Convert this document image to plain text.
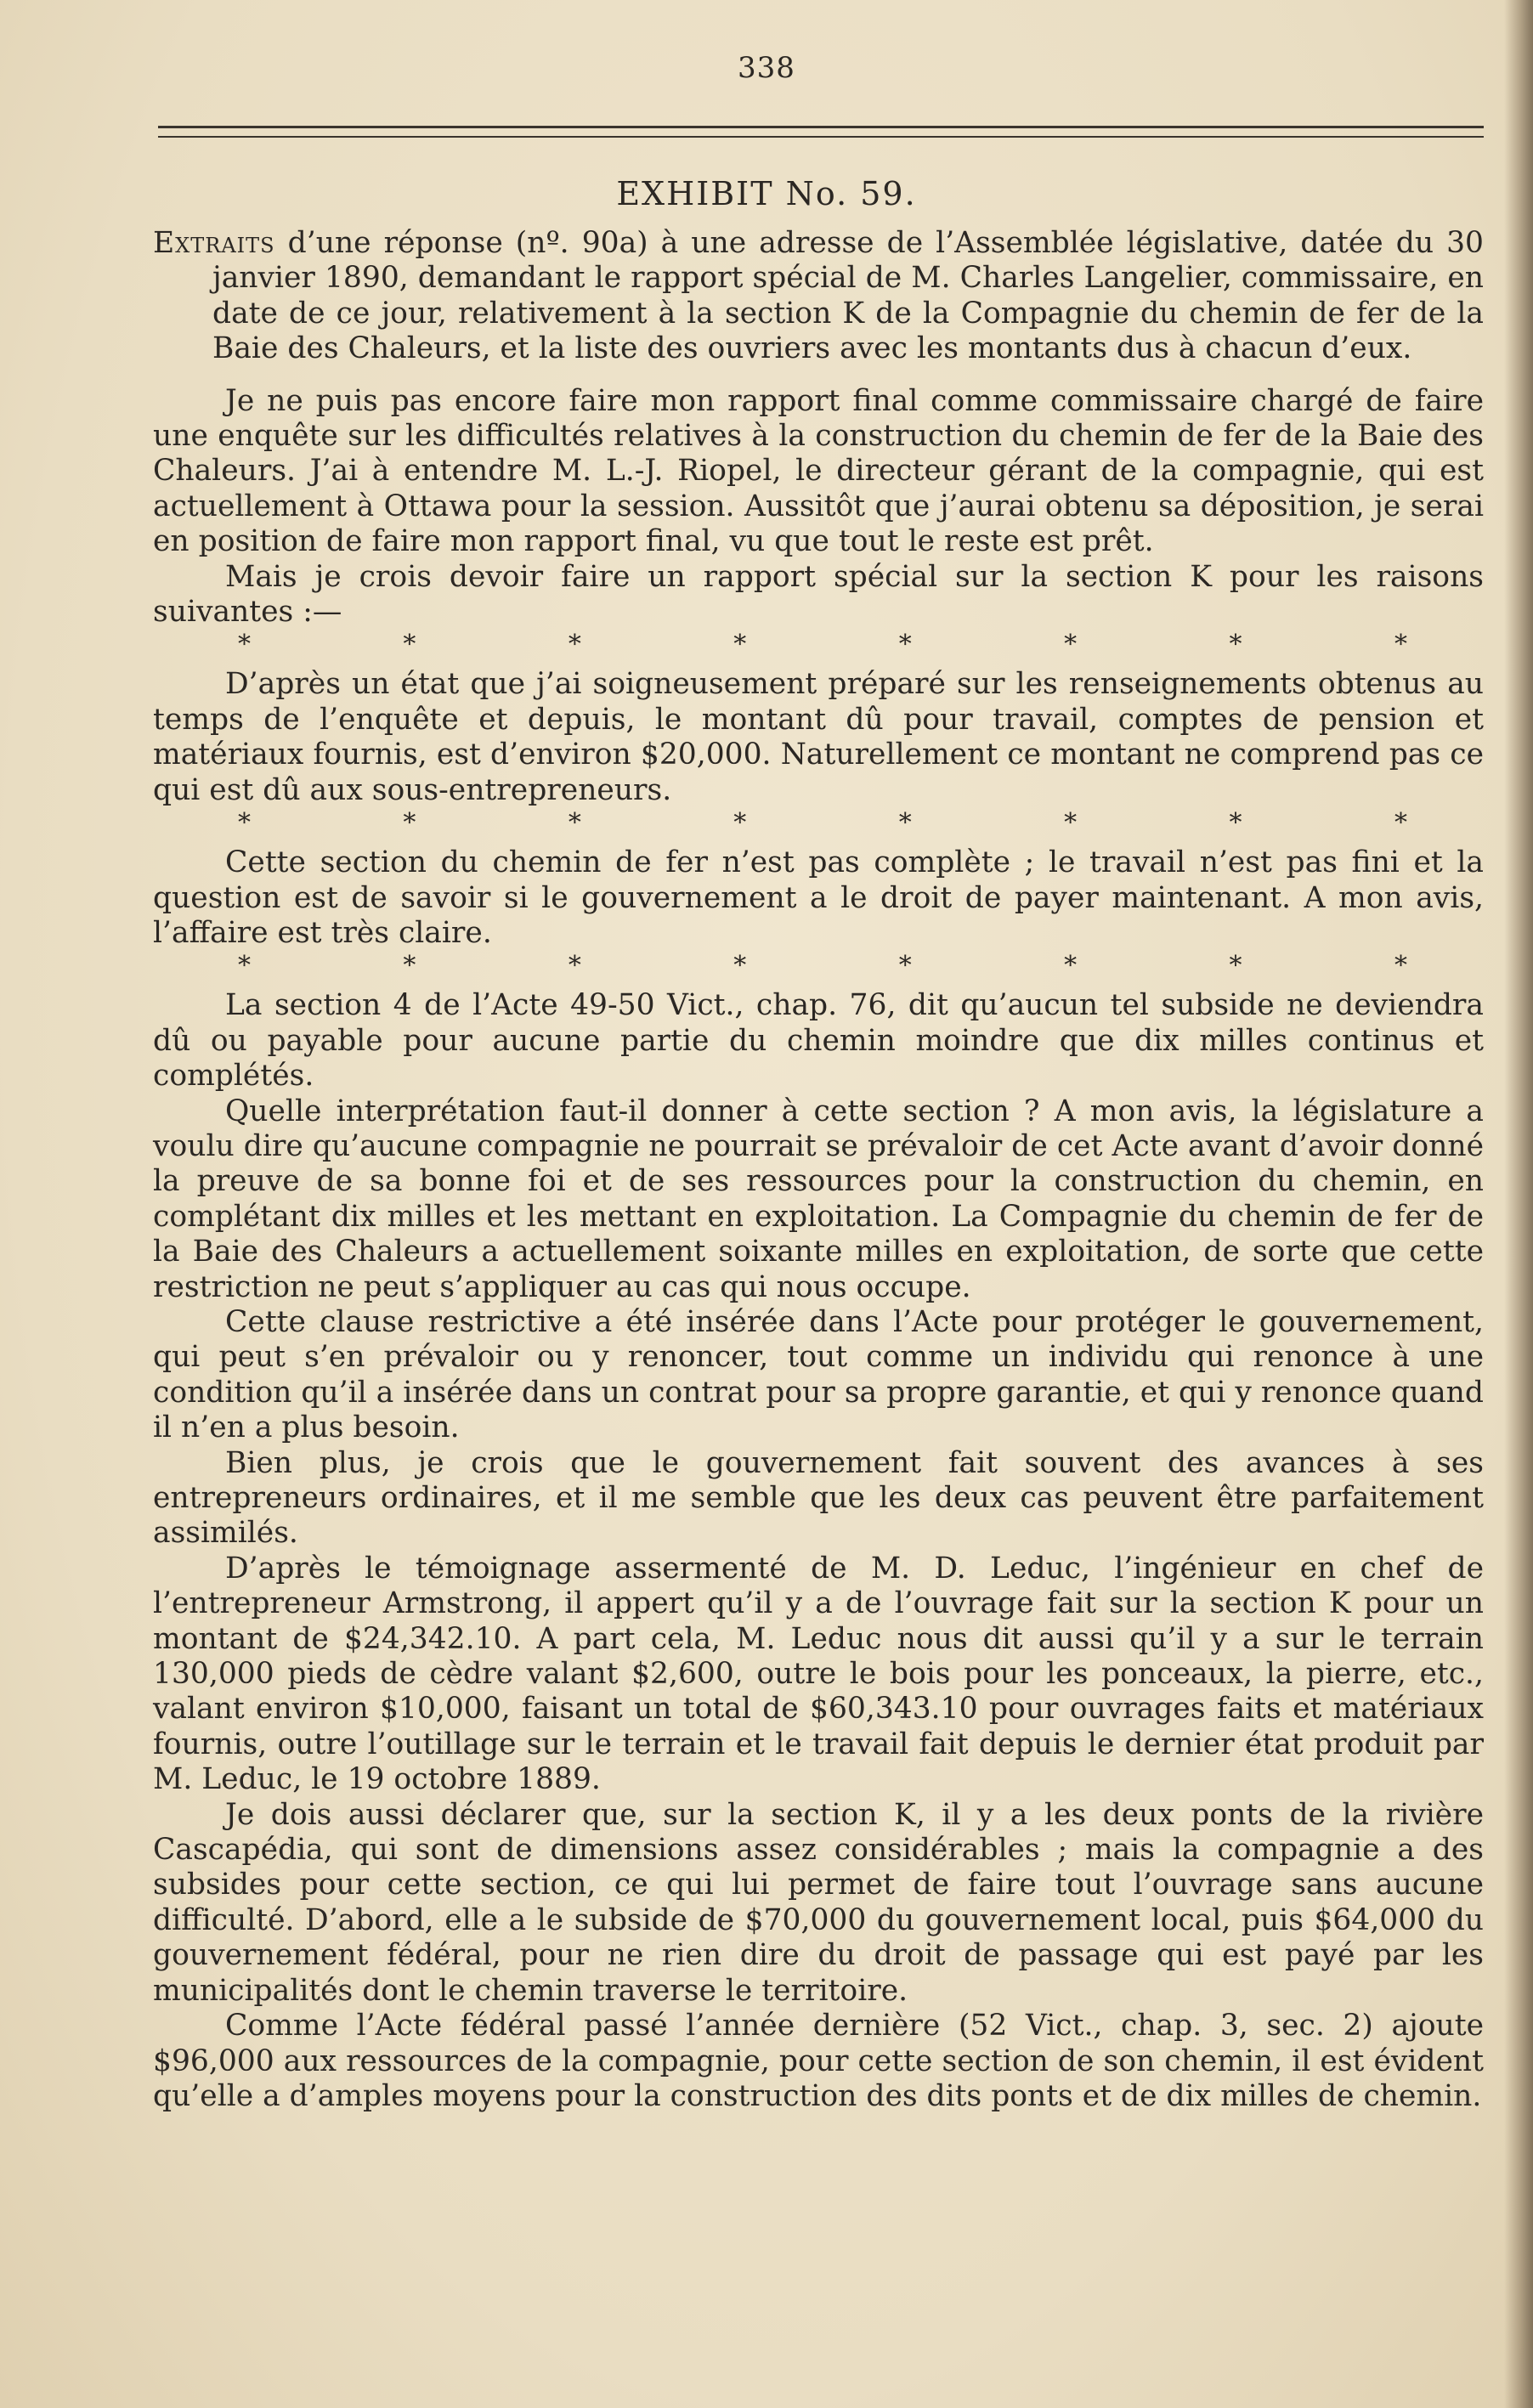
338
EXHIBIT No. 59.

Extraits d’une réponse (nº. 90a) à une adresse de l’Assemblée législative, datée du 30 janvier 1890, demandant le rapport spécial de M. Charles Langelier, commissaire, en date de ce jour, relativement à la section K de la Compagnie du chemin de fer de la Baie des Chaleurs, et la liste des ouvriers avec les montants dus à chacun d’eux.

Je ne puis pas encore faire mon rapport final comme commissaire chargé de faire une enquête sur les difficultés relatives à la construction du chemin de fer de la Baie des Chaleurs. J’ai à entendre M. L.-J. Riopel, le directeur gérant de la compagnie, qui est actuellement à Ottawa pour la session. Aussitôt que j’aurai obtenu sa déposition, je serai en position de faire mon rapport final, vu que tout le reste est prêt.

Mais je crois devoir faire un rapport spécial sur la section K pour les raisons suivantes :—

*	*	*	*	*	*	*	*

D’après un état que j’ai soigneusement préparé sur les renseignements obtenus au temps de l’enquête et depuis, le montant dû pour travail, comptes de pension et matériaux fournis, est d’environ $20,000. Naturellement ce montant ne comprend pas ce qui est dû aux sous-entrepreneurs.

*	*	*	*	*	*	*	*

Cette section du chemin de fer n’est pas complète ; le travail n’est pas fini et la question est de savoir si le gouvernement a le droit de payer maintenant. A mon avis, l’affaire est très claire.

*	*	*	*	*	*	*	*

La section 4 de l’Acte 49-50 Vict., chap. 76, dit qu’aucun tel subside ne deviendra dû ou payable pour aucune partie du chemin moindre que dix milles continus et complétés.

Quelle interprétation faut-il donner à cette section ? A mon avis, la législature a voulu dire qu’aucune compagnie ne pourrait se prévaloir de cet Acte avant d’avoir donné la preuve de sa bonne foi et de ses ressources pour la construction du chemin, en complétant dix milles et les mettant en exploitation. La Compagnie du chemin de fer de la Baie des Chaleurs a actuellement soixante milles en exploitation, de sorte que cette restriction ne peut s’appliquer au cas qui nous occupe.

Cette clause restrictive a été insérée dans l’Acte pour protéger le gouvernement, qui peut s’en prévaloir ou y renoncer, tout comme un individu qui renonce à une condition qu’il a insérée dans un contrat pour sa propre garantie, et qui y renonce quand il n’en a plus besoin.

Bien plus, je crois que le gouvernement fait souvent des avances à ses entrepreneurs ordinaires, et il me semble que les deux cas peuvent être parfaitement assimilés.

D’après le témoignage assermenté de M. D. Leduc, l’ingénieur en chef de l’entrepreneur Armstrong, il appert qu’il y a de l’ouvrage fait sur la section K pour un montant de $24,342.10. A part cela, M. Leduc nous dit aussi qu’il y a sur le terrain 130,000 pieds de cèdre valant $2,600, outre le bois pour les ponceaux, la pierre, etc., valant environ $10,000, faisant un total de $60,343.10 pour ouvrages faits et matériaux fournis, outre l’outillage sur le terrain et le travail fait depuis le dernier état produit par M. Leduc, le 19 octobre 1889.

Je dois aussi déclarer que, sur la section K, il y a les deux ponts de la rivière Cascapédia, qui sont de dimensions assez considérables ; mais la compagnie a des subsides pour cette section, ce qui lui permet de faire tout l’ouvrage sans aucune difficulté. D’abord, elle a le subside de $70,000 du gouvernement local, puis $64,000 du gouvernement fédéral, pour ne rien dire du droit de passage qui est payé par les municipalités dont le chemin traverse le territoire.

Comme l’Acte fédéral passé l’année dernière (52 Vict., chap. 3, sec. 2) ajoute $96,000 aux ressources de la compagnie, pour cette section de son chemin, il est évident qu’elle a d’amples moyens pour la construction des dits ponts et de dix milles de chemin.
